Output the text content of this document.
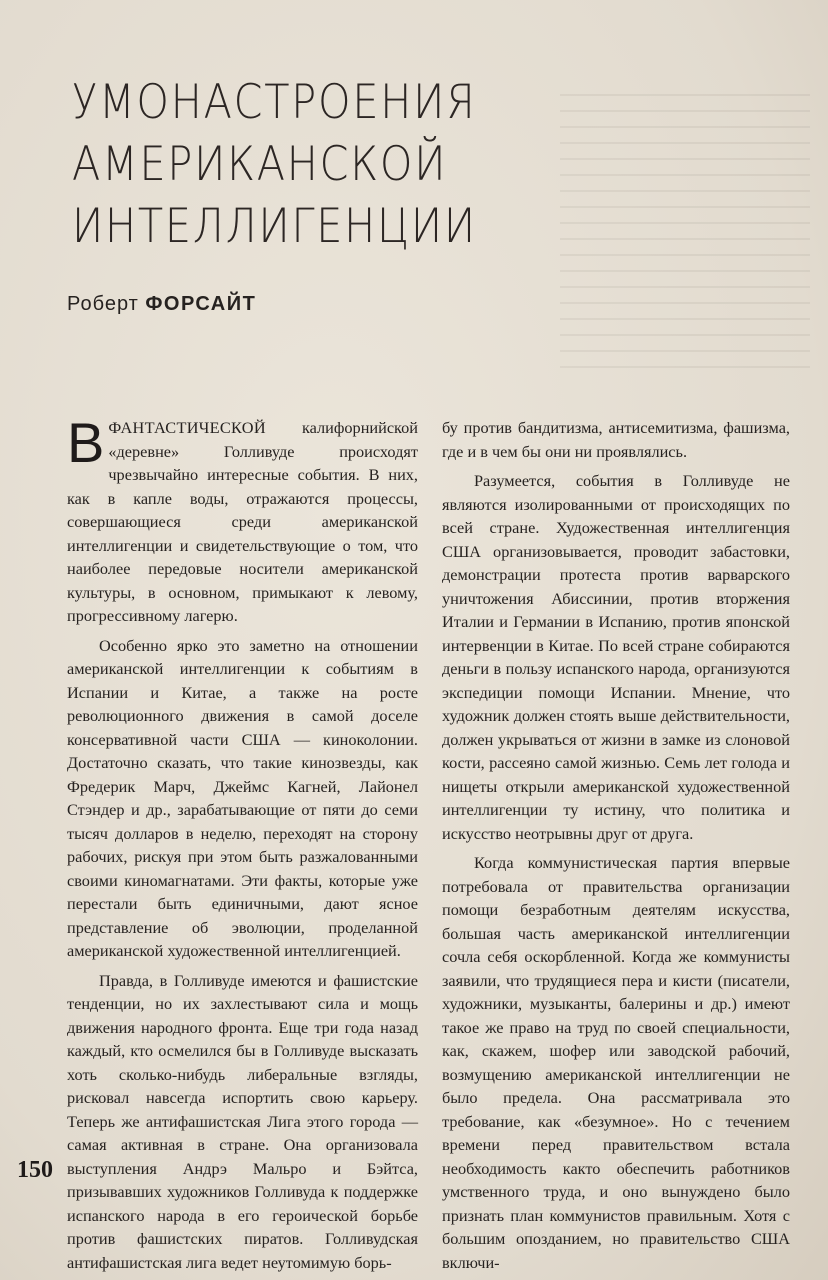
УМОНАСТРОЕНИЯ
АМЕРИКАНСКОЙ
ИНТЕЛЛИГЕНЦИИ
Роберт ФОРСАЙТ

В ФАНТАСТИЧЕСКОЙ калифорнийской «деревне» Голливуде происходят чрезвычайно интересные события. В них, как в капле воды, отражаются процессы, совершающиеся среди американской интеллигенции и свидетельствующие о том, что наиболее передовые носители американской культуры, в основном, примыкают к левому, прогрессивному лагерю.

Особенно ярко это заметно на отношении американской интеллигенции к событиям в Испании и Китае, а также на росте революционного движения в самой доселе консервативной части США — киноколонии. Достаточно сказать, что такие кинозвезды, как Фредерик Марч, Джеймс Кагней, Лайонел Стэндер и др., зарабатывающие от пяти до семи тысяч долларов в неделю, переходят на сторону рабочих, рискуя при этом быть разжалованными своими киномагнатами. Эти факты, которые уже перестали быть единичными, дают ясное представление об эволюции, проделанной американской художественной интеллигенцией.

Правда, в Голливуде имеются и фашистские тенденции, но их захлестывают сила и мощь движения народного фронта. Еще три года назад каждый, кто осмелился бы в Голливуде высказать хоть сколько-нибудь либеральные взгляды, рисковал навсегда испортить свою карьеру. Теперь же антифашистская Лига этого города — самая активная в стране. Она организовала выступления Андрэ Мальро и Бэйтса, призывавших художников Голливуда к поддержке испанского народа в его героической борьбе против фашистских пиратов. Голливудская антифашистская лига ведет неутомимую борь-

бу против бандитизма, антисемитизма, фашизма, где и в чем бы они ни проявлялись.

Разумеется, события в Голливуде не являются изолированными от происходящих по всей стране. Художественная интеллигенция США организовывается, проводит забастовки, демонстрации протеста против варварского уничтожения Абиссинии, против вторжения Италии и Германии в Испанию, против японской интервенции в Китае. По всей стране собираются деньги в пользу испанского народа, организуются экспедиции помощи Испании. Мнение, что художник должен стоять выше действительности, должен укрываться от жизни в замке из слоновой кости, рассеяно самой жизнью. Семь лет голода и нищеты открыли американской художественной интеллигенции ту истину, что политика и искусство неотрывны друг от друга.

Когда коммунистическая партия впервые потребовала от правительства организации помощи безработным деятелям искусства, большая часть американской интеллигенции сочла себя оскорбленной. Когда же коммунисты заявили, что трудящиеся пера и кисти (писатели, художники, музыканты, балерины и др.) имеют такое же право на труд по своей специальности, как, скажем, шофер или заводской рабочий, возмущению американской интеллигенции не было предела. Она рассматривала это требование, как «безумное». Но с течением времени перед правительством встала необходимость както обеспечить работников умственного труда, и оно вынуждено было признать план коммунистов правильным. Хотя с большим опозданием, но правительство США включи-

150
